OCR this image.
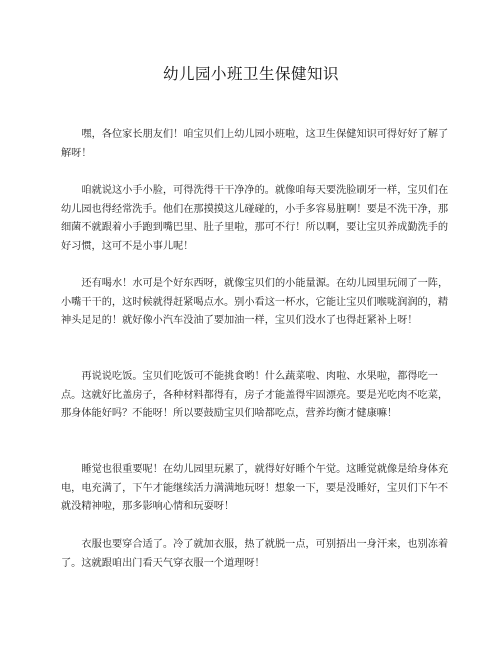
幼儿园小班卫生保健知识

嘿，各位家长朋友们！咱宝贝们上幼儿园小班啦，这卫生保健知识可得好好了解了解呀！

咱就说这小手小脸，可得洗得干干净净的。就像咱每天要洗脸刷牙一样，宝贝们在幼儿园也得经常洗手。他们在那摸摸这儿碰碰的，小手多容易脏啊！要是不洗干净，那细菌不就跟着小手跑到嘴巴里、肚子里啦，那可不行！所以啊，要让宝贝养成勤洗手的好习惯，这可不是小事儿呢！

还有喝水！水可是个好东西呀，就像宝贝们的小能量源。在幼儿园里玩闹了一阵，小嘴干干的，这时候就得赶紧喝点水。别小看这一杯水，它能让宝贝们喉咙润润的，精神头足足的！就好像小汽车没油了要加油一样，宝贝们没水了也得赶紧补上呀！

再说说吃饭。宝贝们吃饭可不能挑食哟！什么蔬菜啦、肉啦、水果啦，都得吃一点。这就好比盖房子，各种材料都得有，房子才能盖得牢固漂亮。要是光吃肉不吃菜，那身体能好吗？不能呀！所以要鼓励宝贝们啥都吃点，营养均衡才健康嘛！

睡觉也很重要呢！在幼儿园里玩累了，就得好好睡个午觉。这睡觉就像是给身体充电，电充满了，下午才能继续活力满满地玩呀！想象一下，要是没睡好，宝贝们下午不就没精神啦，那多影响心情和玩耍呀！

衣服也要穿合适了。冷了就加衣服，热了就脱一点，可别捂出一身汗来，也别冻着了。这就跟咱出门看天气穿衣服一个道理呀！
